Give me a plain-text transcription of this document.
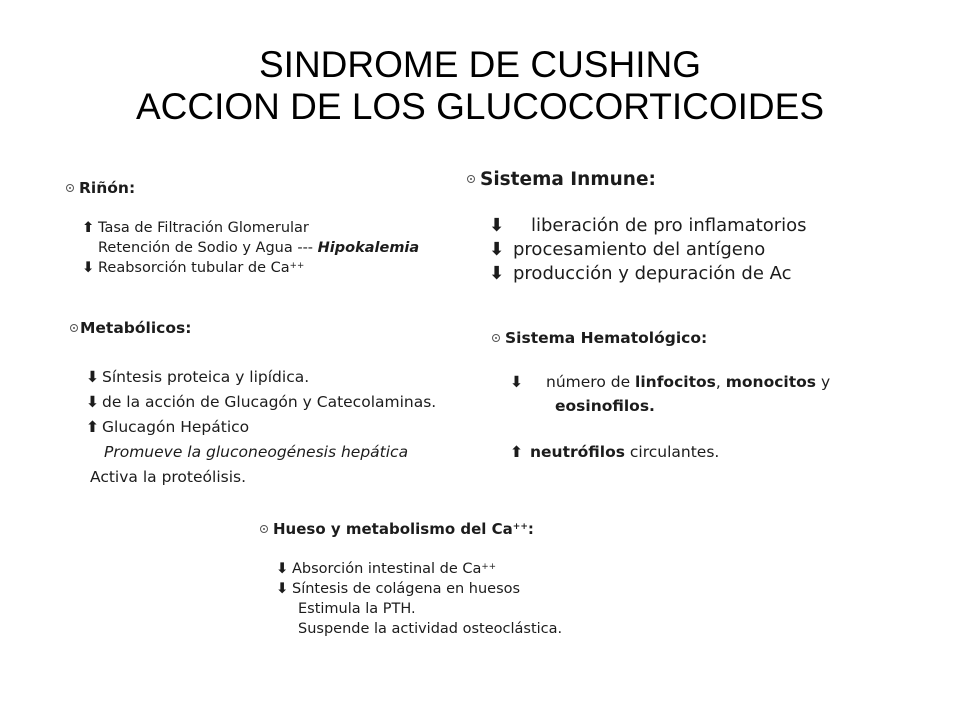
SINDROME DE CUSHING
ACCION DE LOS GLUCOCORTICOIDES
Riñón:
⬆ Tasa de Filtración Glomerular
Retención de Sodio y Agua --- Hipokalemia
⬇ Reabsorción tubular de Ca++
Metabólicos:
⬇ Síntesis proteica y lipídica.
⬇ de la acción de Glucagón y Catecolaminas.
⬆ Glucagón Hepático
Promueve la gluconeogénesis hepática
Activa la proteólisis.
Sistema Inmune:
⬇ liberación de pro inflamatorios
⬇ procesamiento del antígeno
⬇ producción y depuración de Ac
Sistema Hematológico:
⬇ número de linfocitos, monocitos y
eosinofilos.
⬆ neutrófilos circulantes.
Hueso y metabolismo del Ca++:
⬇ Absorción intestinal de Ca++
⬇ Síntesis de colágena en huesos
Estimula la PTH.
Suspende la actividad osteoclástica.
